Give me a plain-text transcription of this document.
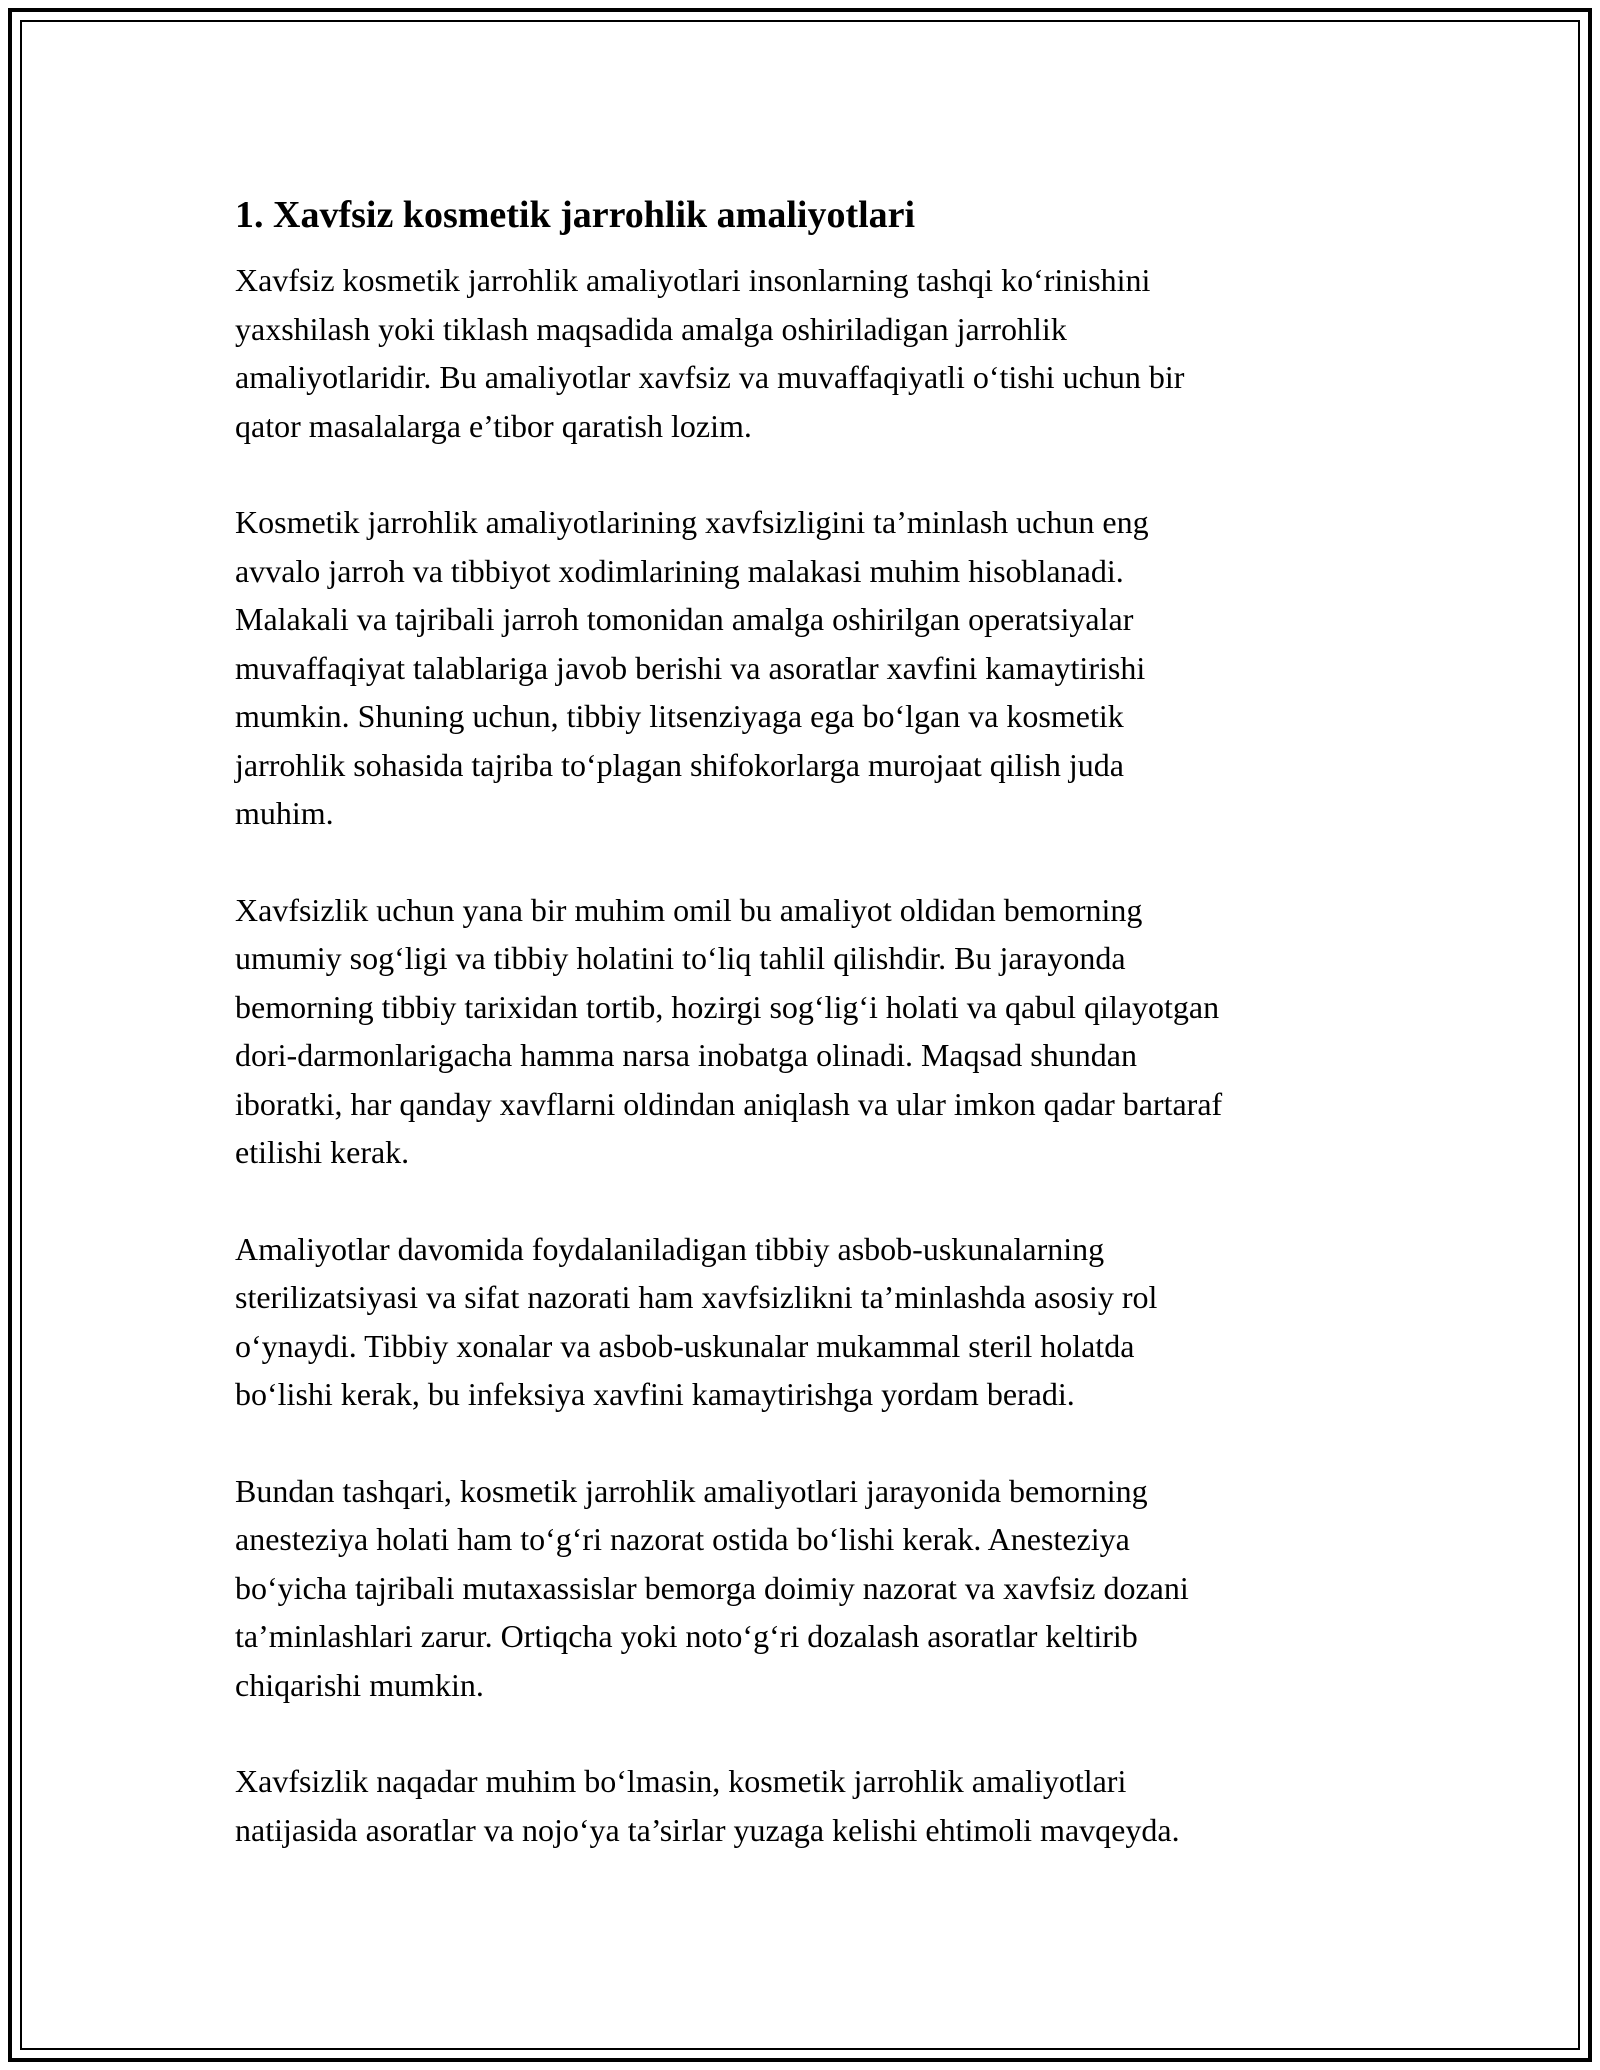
1. Xavfsiz kosmetik jarrohlik amaliyotlari

Xavfsiz kosmetik jarrohlik amaliyotlari insonlarning tashqi ko‘rinishini
yaxshilash yoki tiklash maqsadida amalga oshiriladigan jarrohlik
amaliyotlaridir. Bu amaliyotlar xavfsiz va muvaffaqiyatli o‘tishi uchun bir
qator masalalarga e’tibor qaratish lozim.

Kosmetik jarrohlik amaliyotlarining xavfsizligini ta’minlash uchun eng
avvalo jarroh va tibbiyot xodimlarining malakasi muhim hisoblanadi.
Malakali va tajribali jarroh tomonidan amalga oshirilgan operatsiyalar
muvaffaqiyat talablariga javob berishi va asoratlar xavfini kamaytirishi
mumkin. Shuning uchun, tibbiy litsenziyaga ega bo‘lgan va kosmetik
jarrohlik sohasida tajriba to‘plagan shifokorlarga murojaat qilish juda
muhim.

Xavfsizlik uchun yana bir muhim omil bu amaliyot oldidan bemorning
umumiy sog‘ligi va tibbiy holatini to‘liq tahlil qilishdir. Bu jarayonda
bemorning tibbiy tarixidan tortib, hozirgi sog‘lig‘i holati va qabul qilayotgan
dori-darmonlarigacha hamma narsa inobatga olinadi. Maqsad shundan
iboratki, har qanday xavflarni oldindan aniqlash va ular imkon qadar bartaraf
etilishi kerak.

Amaliyotlar davomida foydalaniladigan tibbiy asbob-uskunalarning
sterilizatsiyasi va sifat nazorati ham xavfsizlikni ta’minlashda asosiy rol
o‘ynaydi. Tibbiy xonalar va asbob-uskunalar mukammal steril holatda
bo‘lishi kerak, bu infeksiya xavfini kamaytirishga yordam beradi.

Bundan tashqari, kosmetik jarrohlik amaliyotlari jarayonida bemorning
anesteziya holati ham to‘g‘ri nazorat ostida bo‘lishi kerak. Anesteziya
bo‘yicha tajribali mutaxassislar bemorga doimiy nazorat va xavfsiz dozani
ta’minlashlari zarur. Ortiqcha yoki noto‘g‘ri dozalash asoratlar keltirib
chiqarishi mumkin.

Xavfsizlik naqadar muhim bo‘lmasin, kosmetik jarrohlik amaliyotlari
natijasida asoratlar va nojo‘ya ta’sirlar yuzaga kelishi ehtimoli mavqeyda.
